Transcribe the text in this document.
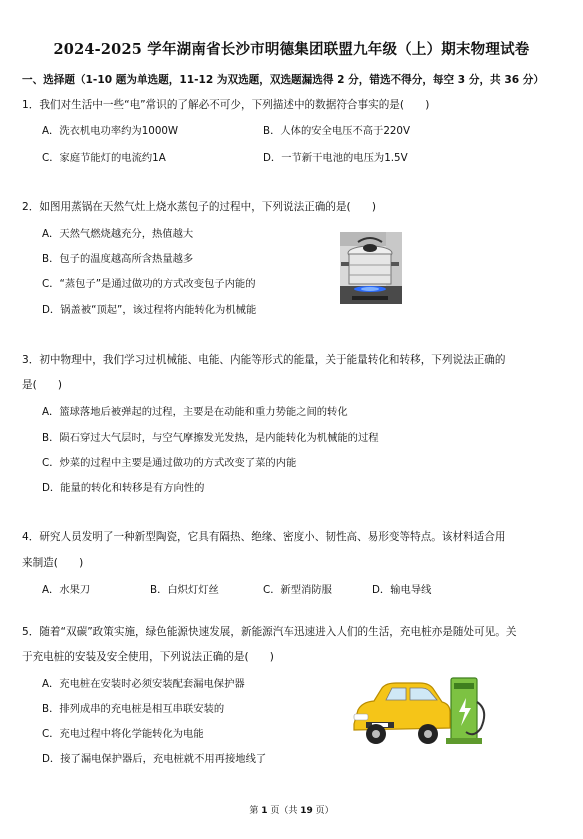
2024-2025 学年湖南省长沙市明德集团联盟九年级（上）期末物理试卷
一、选择题（1-10 题为单选题，11-12 为双选题，双选题漏选得 2 分，错选不得分，每空 3 分，共 36 分）
1．我们对生活中一些“电”常识的了解必不可少，下列描述中的数据符合事实的是(　　)
A．洗衣机电功率约为1000W	B．人体的安全电压不高于220V
C．家庭节能灯的电流约1A	D．一节新干电池的电压为1.5V
2．如图用蒸锅在天然气灶上烧水蒸包子的过程中，下列说法正确的是(　　)
A．天然气燃烧越充分，热值越大
B．包子的温度越高所含热量越多
C．“蒸包子”是通过做功的方式改变包子内能的
D．锅盖被“顶起”，该过程将内能转化为机械能
3．初中物理中，我们学习过机械能、电能、内能等形式的能量，关于能量转化和转移，下列说法正确的
是(　　)
A．篮球落地后被弹起的过程，主要是在动能和重力势能之间的转化
B．陨石穿过大气层时，与空气摩擦发光发热，是内能转化为机械能的过程
C．炒菜的过程中主要是通过做功的方式改变了菜的内能
D．能量的转化和转移是有方向性的
4．研究人员发明了一种新型陶瓷，它具有隔热、绝缘、密度小、韧性高、易形变等特点。该材料适合用
来制造(　　)
A．水果刀	B．白炽灯灯丝	C．新型消防服	D．输电导线
5．随着“双碳”政策实施，绿色能源快速发展，新能源汽车迅速进入人们的生活，充电桩亦是随处可见。关
于充电桩的安装及安全使用，下列说法正确的是(　　)
A．充电桩在安装时必须安装配套漏电保护器
B．排列成串的充电桩是相互串联安装的
C．充电过程中将化学能转化为电能
D．接了漏电保护器后，充电桩就不用再接地线了
第 1 页（共 19 页）
